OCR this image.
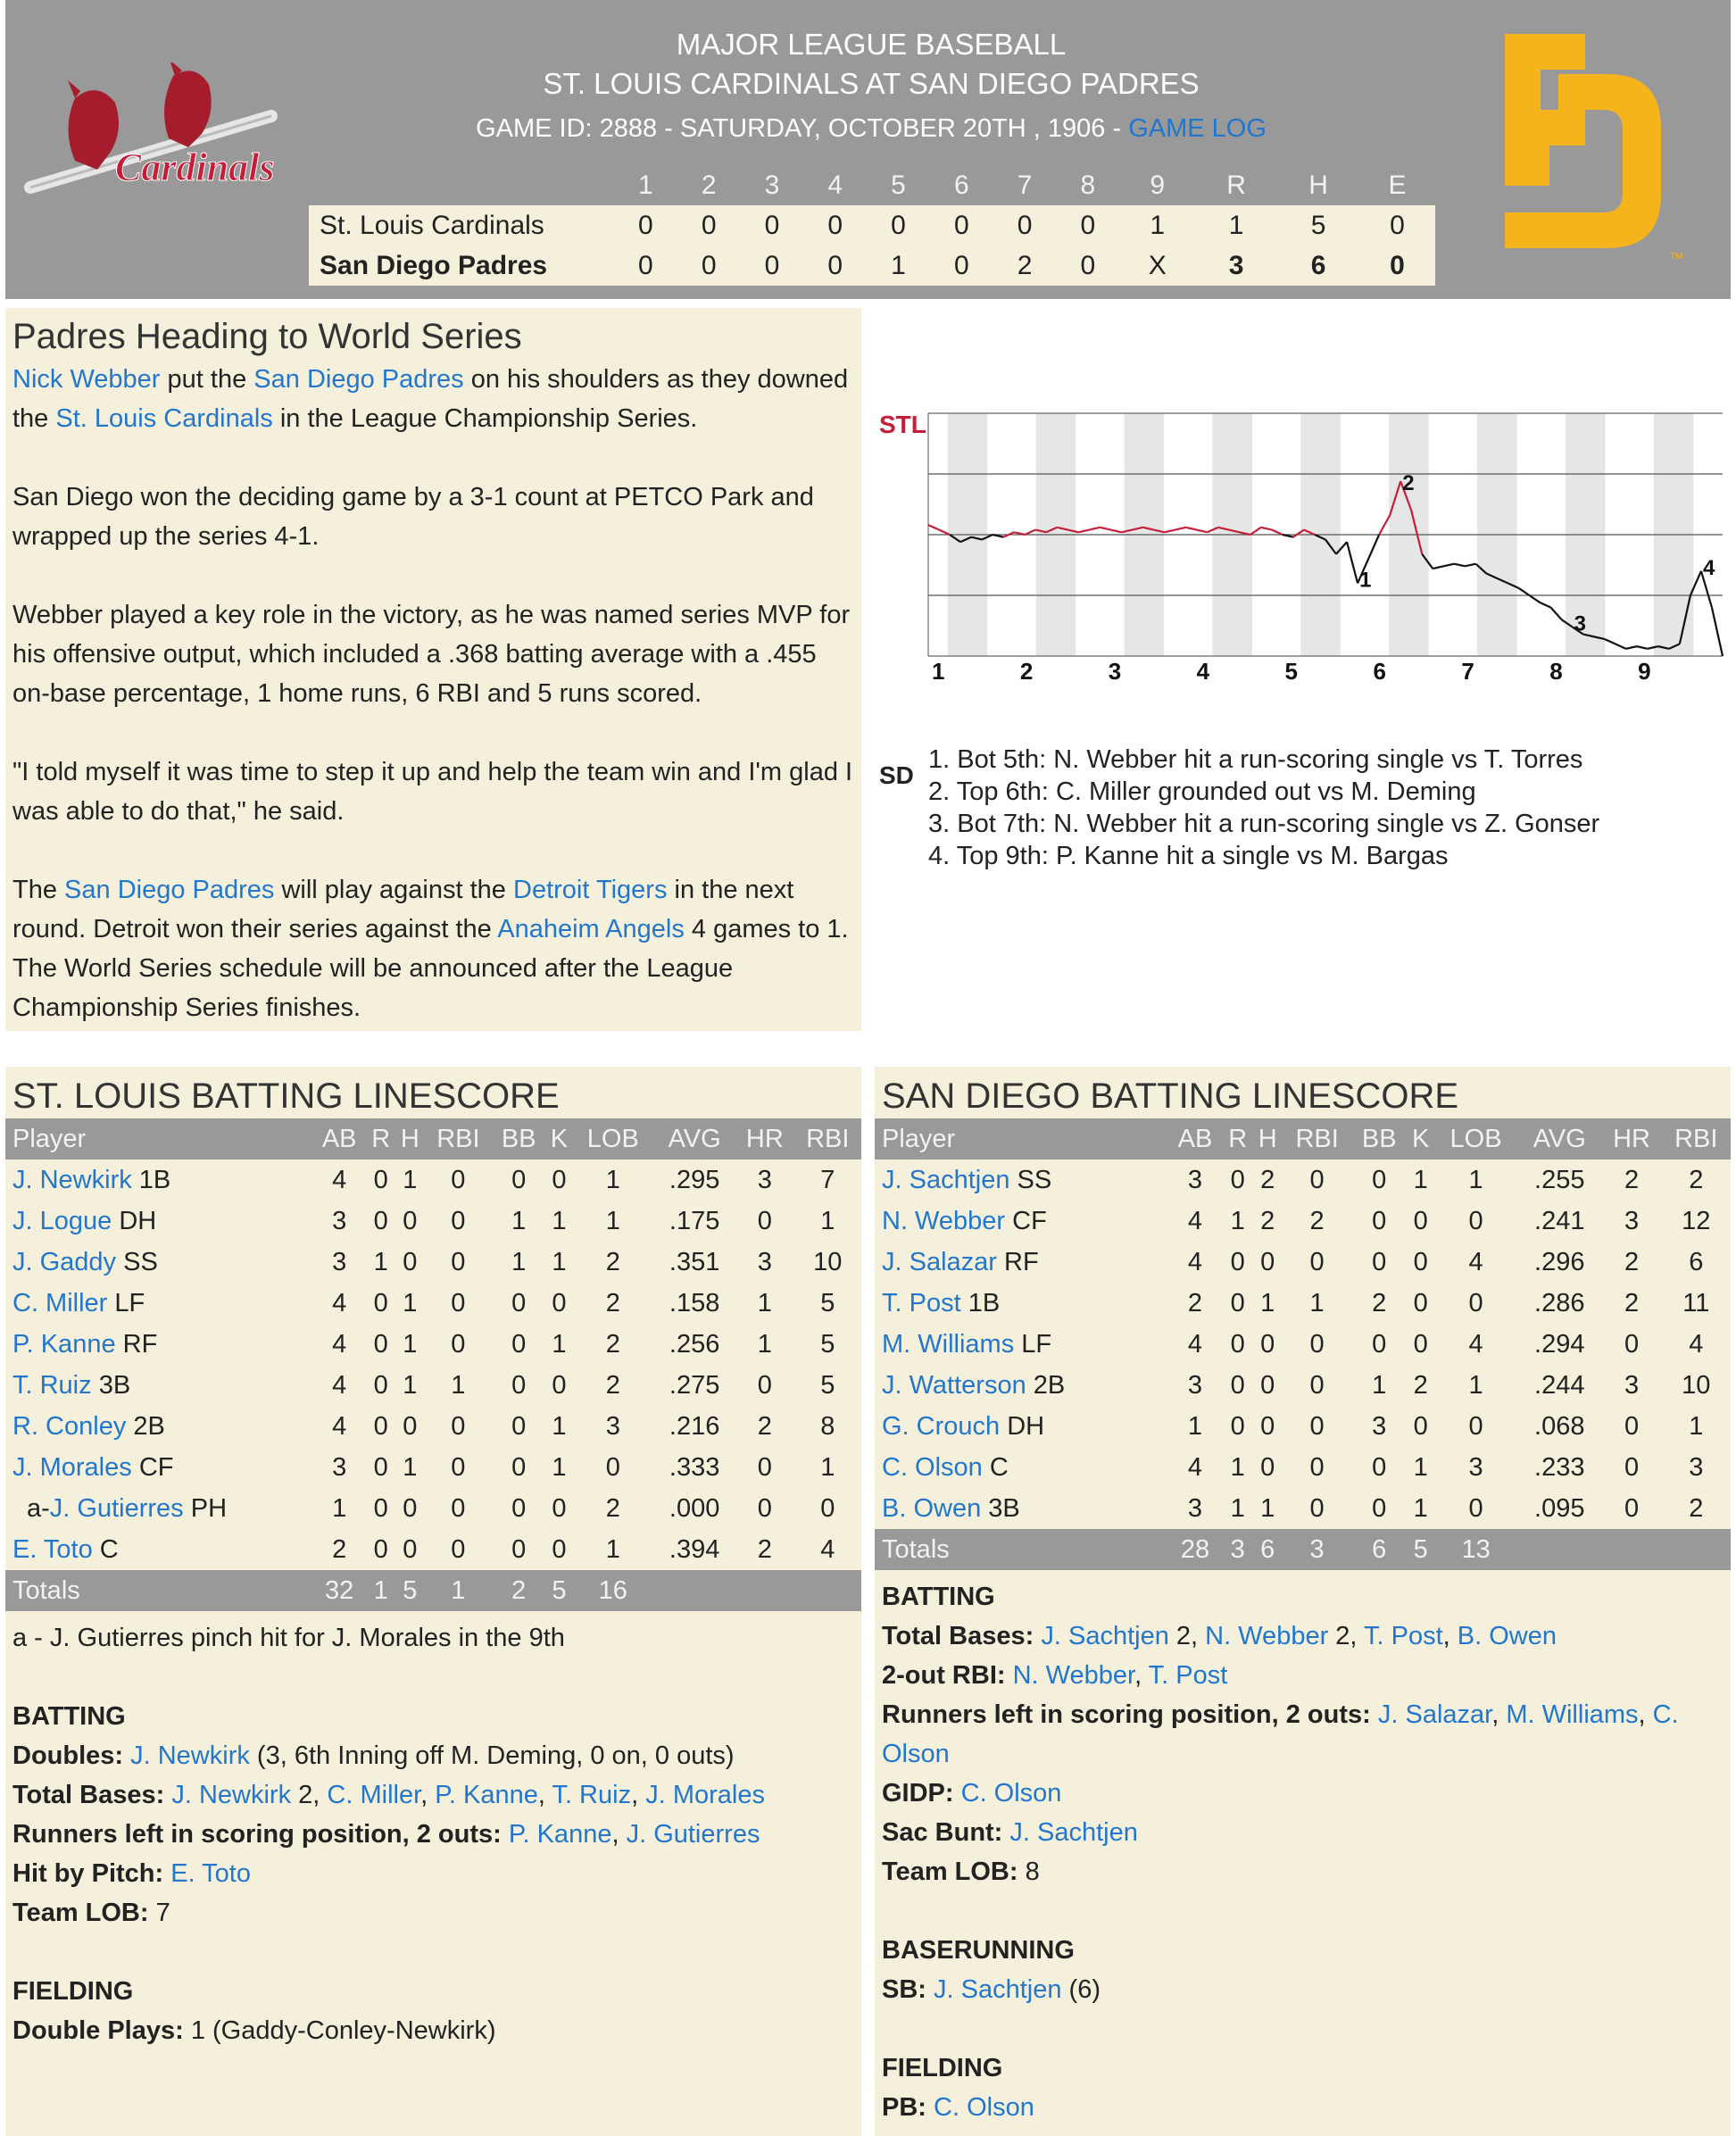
Cardinals
MAJOR LEAGUE BASEBALL
ST. LOUIS CARDINALS AT SAN DIEGO PADRES
GAME ID: 2888 - SATURDAY, OCTOBER 20TH , 1906 - GAME LOG
TM
	1	2	3	4	5	6	7	8	9	R	H	E
St. Louis Cardinals	0	0	0	0	0	0	0	0	1	1	5	0
San Diego Padres	0	0	0	0	1	0	2	0	X	3	6	0
Padres Heading to World Series

Nick Webber put the San Diego Padres on his shoulders as they downed the St. Louis Cardinals in the League Championship Series.

San Diego won the deciding game by a 3-1 count at PETCO Park and wrapped up the series 4-1.

Webber played a key role in the victory, as he was named series MVP for his offensive output, which included a .368 batting average with a .455 on-base percentage, 1 home runs, 6 RBI and 5 runs scored.

"I told myself it was time to step it up and help the team win and I'm glad I was able to do that," he said.

The San Diego Padres will play against the Detroit Tigers in the next round. Detroit won their series against the Anaheim Angels 4 games to 1. The World Series schedule will be announced after the League Championship Series finishes.

STL
SD
1	2	3	4	5	6	7	8	9
1
2
3
4
1. Bot 5th: N. Webber hit a run-scoring single vs T. Torres
2. Top 6th: C. Miller grounded out vs M. Deming
3. Bot 7th: N. Webber hit a run-scoring single vs Z. Gonser
4. Top 9th: P. Kanne hit a single vs M. Bargas
ST. LOUIS BATTING LINESCORE
Player	AB	R	H	RBI	BB	K	LOB	AVG	HR	RBI
J. Newkirk 1B	4	0	1	0	0	0	1	.295	3	7
J. Logue DH	3	0	0	0	1	1	1	.175	0	1
J. Gaddy SS	3	1	0	0	1	1	2	.351	3	10
C. Miller LF	4	0	1	0	0	0	2	.158	1	5
P. Kanne RF	4	0	1	0	0	1	2	.256	1	5
T. Ruiz 3B	4	0	1	1	0	0	2	.275	0	5
R. Conley 2B	4	0	0	0	0	1	3	.216	2	8
J. Morales CF	3	0	1	0	0	1	0	.333	0	1
a-J. Gutierres PH	1	0	0	0	0	0	2	.000	0	0
E. Toto C	2	0	0	0	0	0	1	.394	2	4
Totals	32	1	5	1	2	5	16			
a - J. Gutierres pinch hit for J. Morales in the 9th
BATTING
Doubles: J. Newkirk (3, 6th Inning off M. Deming, 0 on, 0 outs)
Total Bases: J. Newkirk 2, C. Miller, P. Kanne, T. Ruiz, J. Morales
Runners left in scoring position, 2 outs: P. Kanne, J. Gutierres
Hit by Pitch: E. Toto
Team LOB: 7
FIELDING
Double Plays: 1 (Gaddy-Conley-Newkirk)
SAN DIEGO BATTING LINESCORE
Player	AB	R	H	RBI	BB	K	LOB	AVG	HR	RBI
J. Sachtjen SS	3	0	2	0	0	1	1	.255	2	2
N. Webber CF	4	1	2	2	0	0	0	.241	3	12
J. Salazar RF	4	0	0	0	0	0	4	.296	2	6
T. Post 1B	2	0	1	1	2	0	0	.286	2	11
M. Williams LF	4	0	0	0	0	0	4	.294	0	4
J. Watterson 2B	3	0	0	0	1	2	1	.244	3	10
G. Crouch DH	1	0	0	0	3	0	0	.068	0	1
C. Olson C	4	1	0	0	0	1	3	.233	0	3
B. Owen 3B	3	1	1	0	0	1	0	.095	0	2
Totals	28	3	6	3	6	5	13			
BATTING
Total Bases: J. Sachtjen 2, N. Webber 2, T. Post, B. Owen
2-out RBI: N. Webber, T. Post
Runners left in scoring position, 2 outs: J. Salazar, M. Williams, C. Olson
GIDP: C. Olson
Sac Bunt: J. Sachtjen
Team LOB: 8
BASERUNNING
SB: J. Sachtjen (6)
FIELDING
PB: C. Olson
